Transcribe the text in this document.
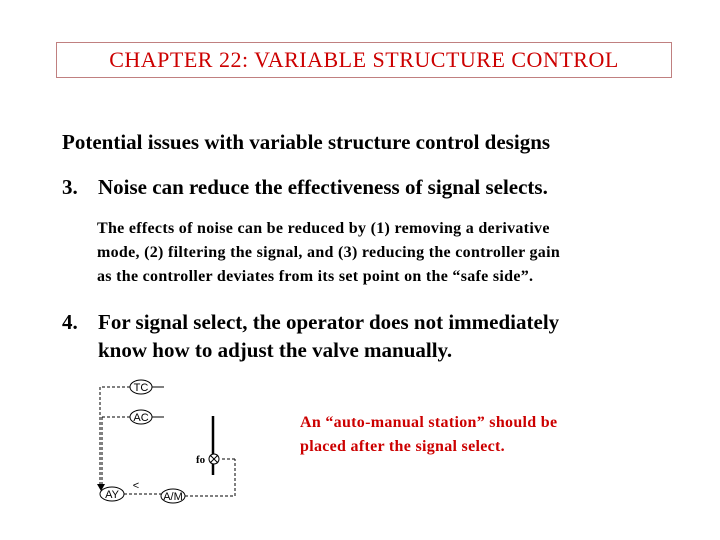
CHAPTER 22: VARIABLE STRUCTURE CONTROL
Potential issues with variable structure control designs
3. Noise can reduce the effectiveness of signal selects.
The effects of noise can be reduced by (1) removing a derivative
mode, (2) filtering the signal, and (3) reducing the controller gain
as the controller deviates from its set point on the “safe side”.
4. For signal select, the operator does not immediately
know how to adjust the valve manually.
TC
AC
AY
<
A/M
fo
An “auto-manual station” should be
placed after the signal select.
